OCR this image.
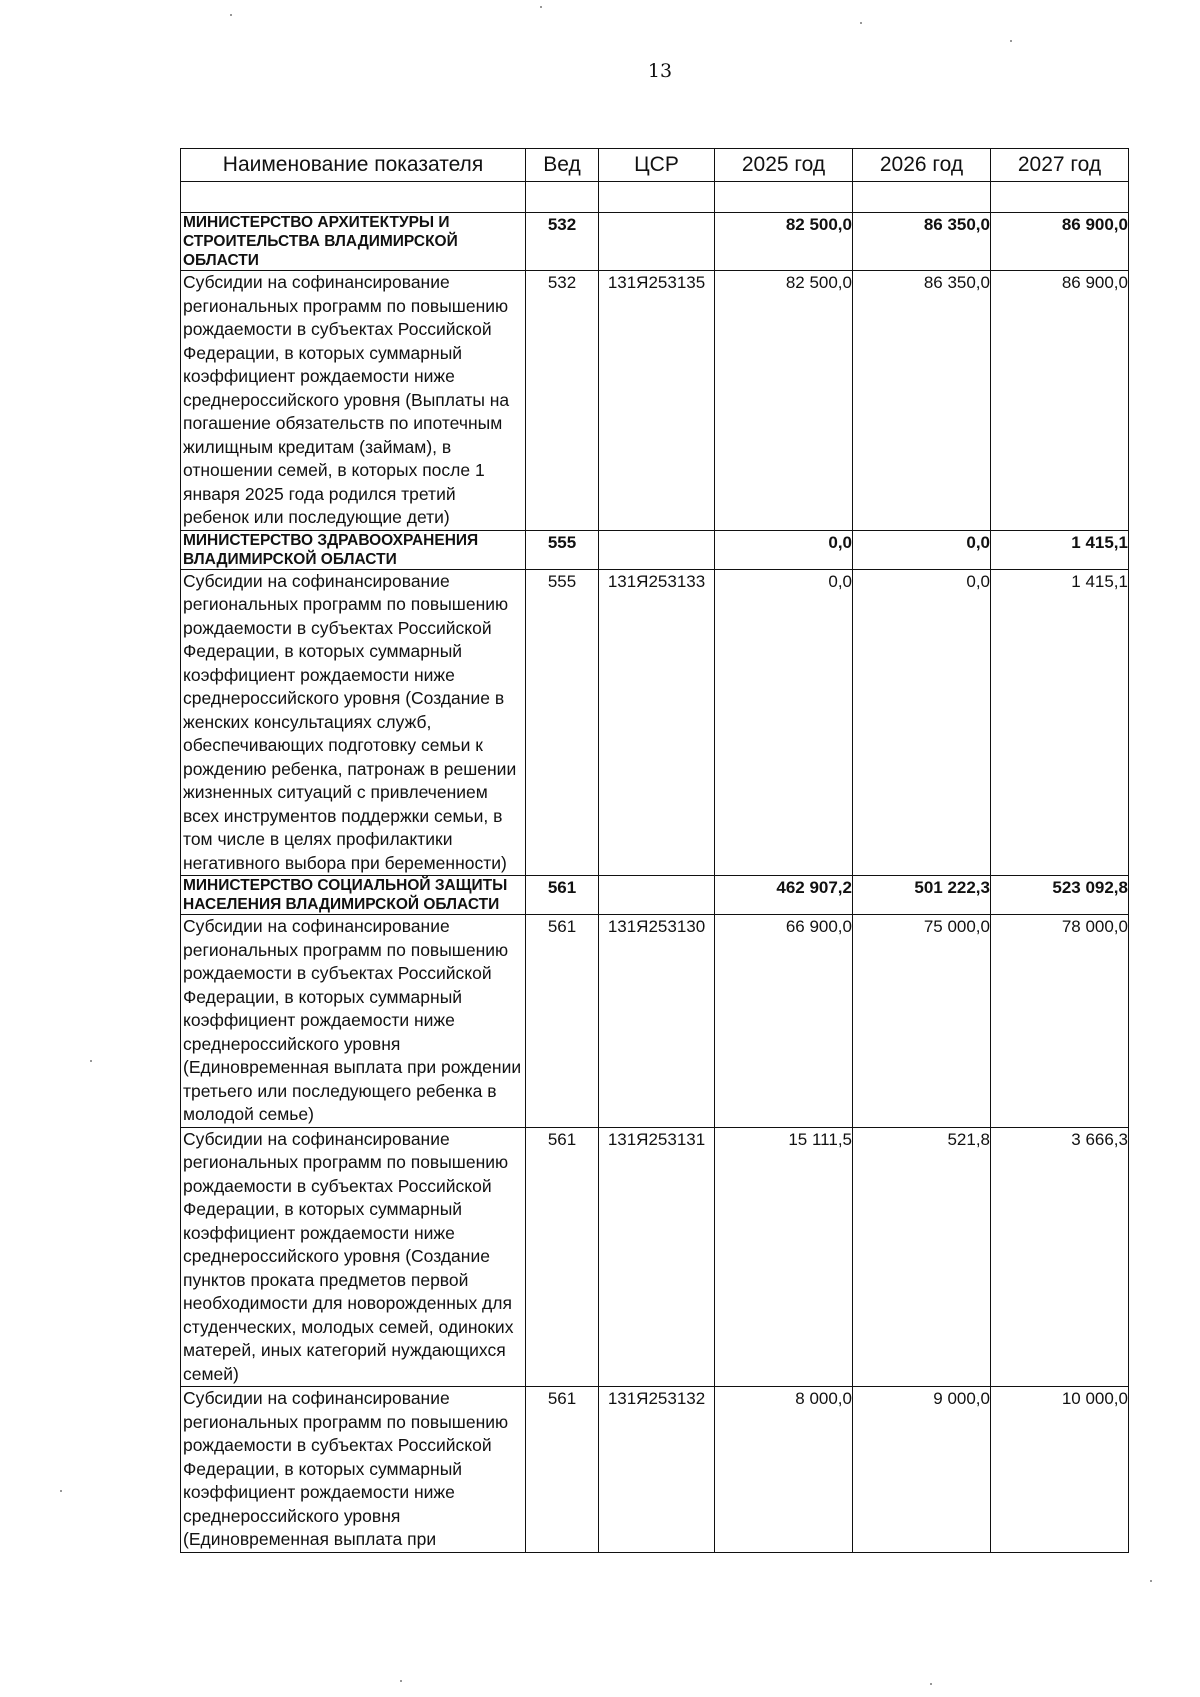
13
Наименование показателя	Вед	ЦСР	2025 год	2026 год	2027 год

МИНИСТЕРСТВО АРХИТЕКТУРЫ И СТРОИТЕЛЬСТВА ВЛАДИМИРСКОЙ ОБЛАСТИ	532		82 500,0	86 350,0	86 900,0
Субсидии на софинансирование региональных программ по повышению рождаемости в субъектах Российской Федерации, в которых суммарный коэффициент рождаемости ниже среднероссийского уровня (Выплаты на погашение обязательств по ипотечным жилищным кредитам (займам), в отношении семей, в которых после 1 января 2025 года родился третий ребенок или последующие дети)	532	131Я253135	82 500,0	86 350,0	86 900,0
МИНИСТЕРСТВО ЗДРАВООХРАНЕНИЯ ВЛАДИМИРСКОЙ ОБЛАСТИ	555		0,0	0,0	1 415,1
Субсидии на софинансирование региональных программ по повышению рождаемости в субъектах Российской Федерации, в которых суммарный коэффициент рождаемости ниже среднероссийского уровня (Создание в женских консультациях служб, обеспечивающих подготовку семьи к рождению ребенка, патронаж в решении жизненных ситуаций с привлечением всех инструментов поддержки семьи, в том числе в целях профилактики негативного выбора при беременности)	555	131Я253133	0,0	0,0	1 415,1
МИНИСТЕРСТВО СОЦИАЛЬНОЙ ЗАЩИТЫ НАСЕЛЕНИЯ ВЛАДИМИРСКОЙ ОБЛАСТИ	561		462 907,2	501 222,3	523 092,8
Субсидии на софинансирование региональных программ по повышению рождаемости в субъектах Российской Федерации, в которых суммарный коэффициент рождаемости ниже среднероссийского уровня (Единовременная выплата при рождении третьего или последующего ребенка в молодой семье)	561	131Я253130	66 900,0	75 000,0	78 000,0
Субсидии на софинансирование региональных программ по повышению рождаемости в субъектах Российской Федерации, в которых суммарный коэффициент рождаемости ниже среднероссийского уровня (Создание пунктов проката предметов первой необходимости для новорожденных для студенческих, молодых семей, одиноких матерей, иных категорий нуждающихся семей)	561	131Я253131	15 111,5	521,8	3 666,3
Субсидии на софинансирование региональных программ по повышению рождаемости в субъектах Российской Федерации, в которых суммарный коэффициент рождаемости ниже среднероссийского уровня (Единовременная выплата при	561	131Я253132	8 000,0	9 000,0	10 000,0
